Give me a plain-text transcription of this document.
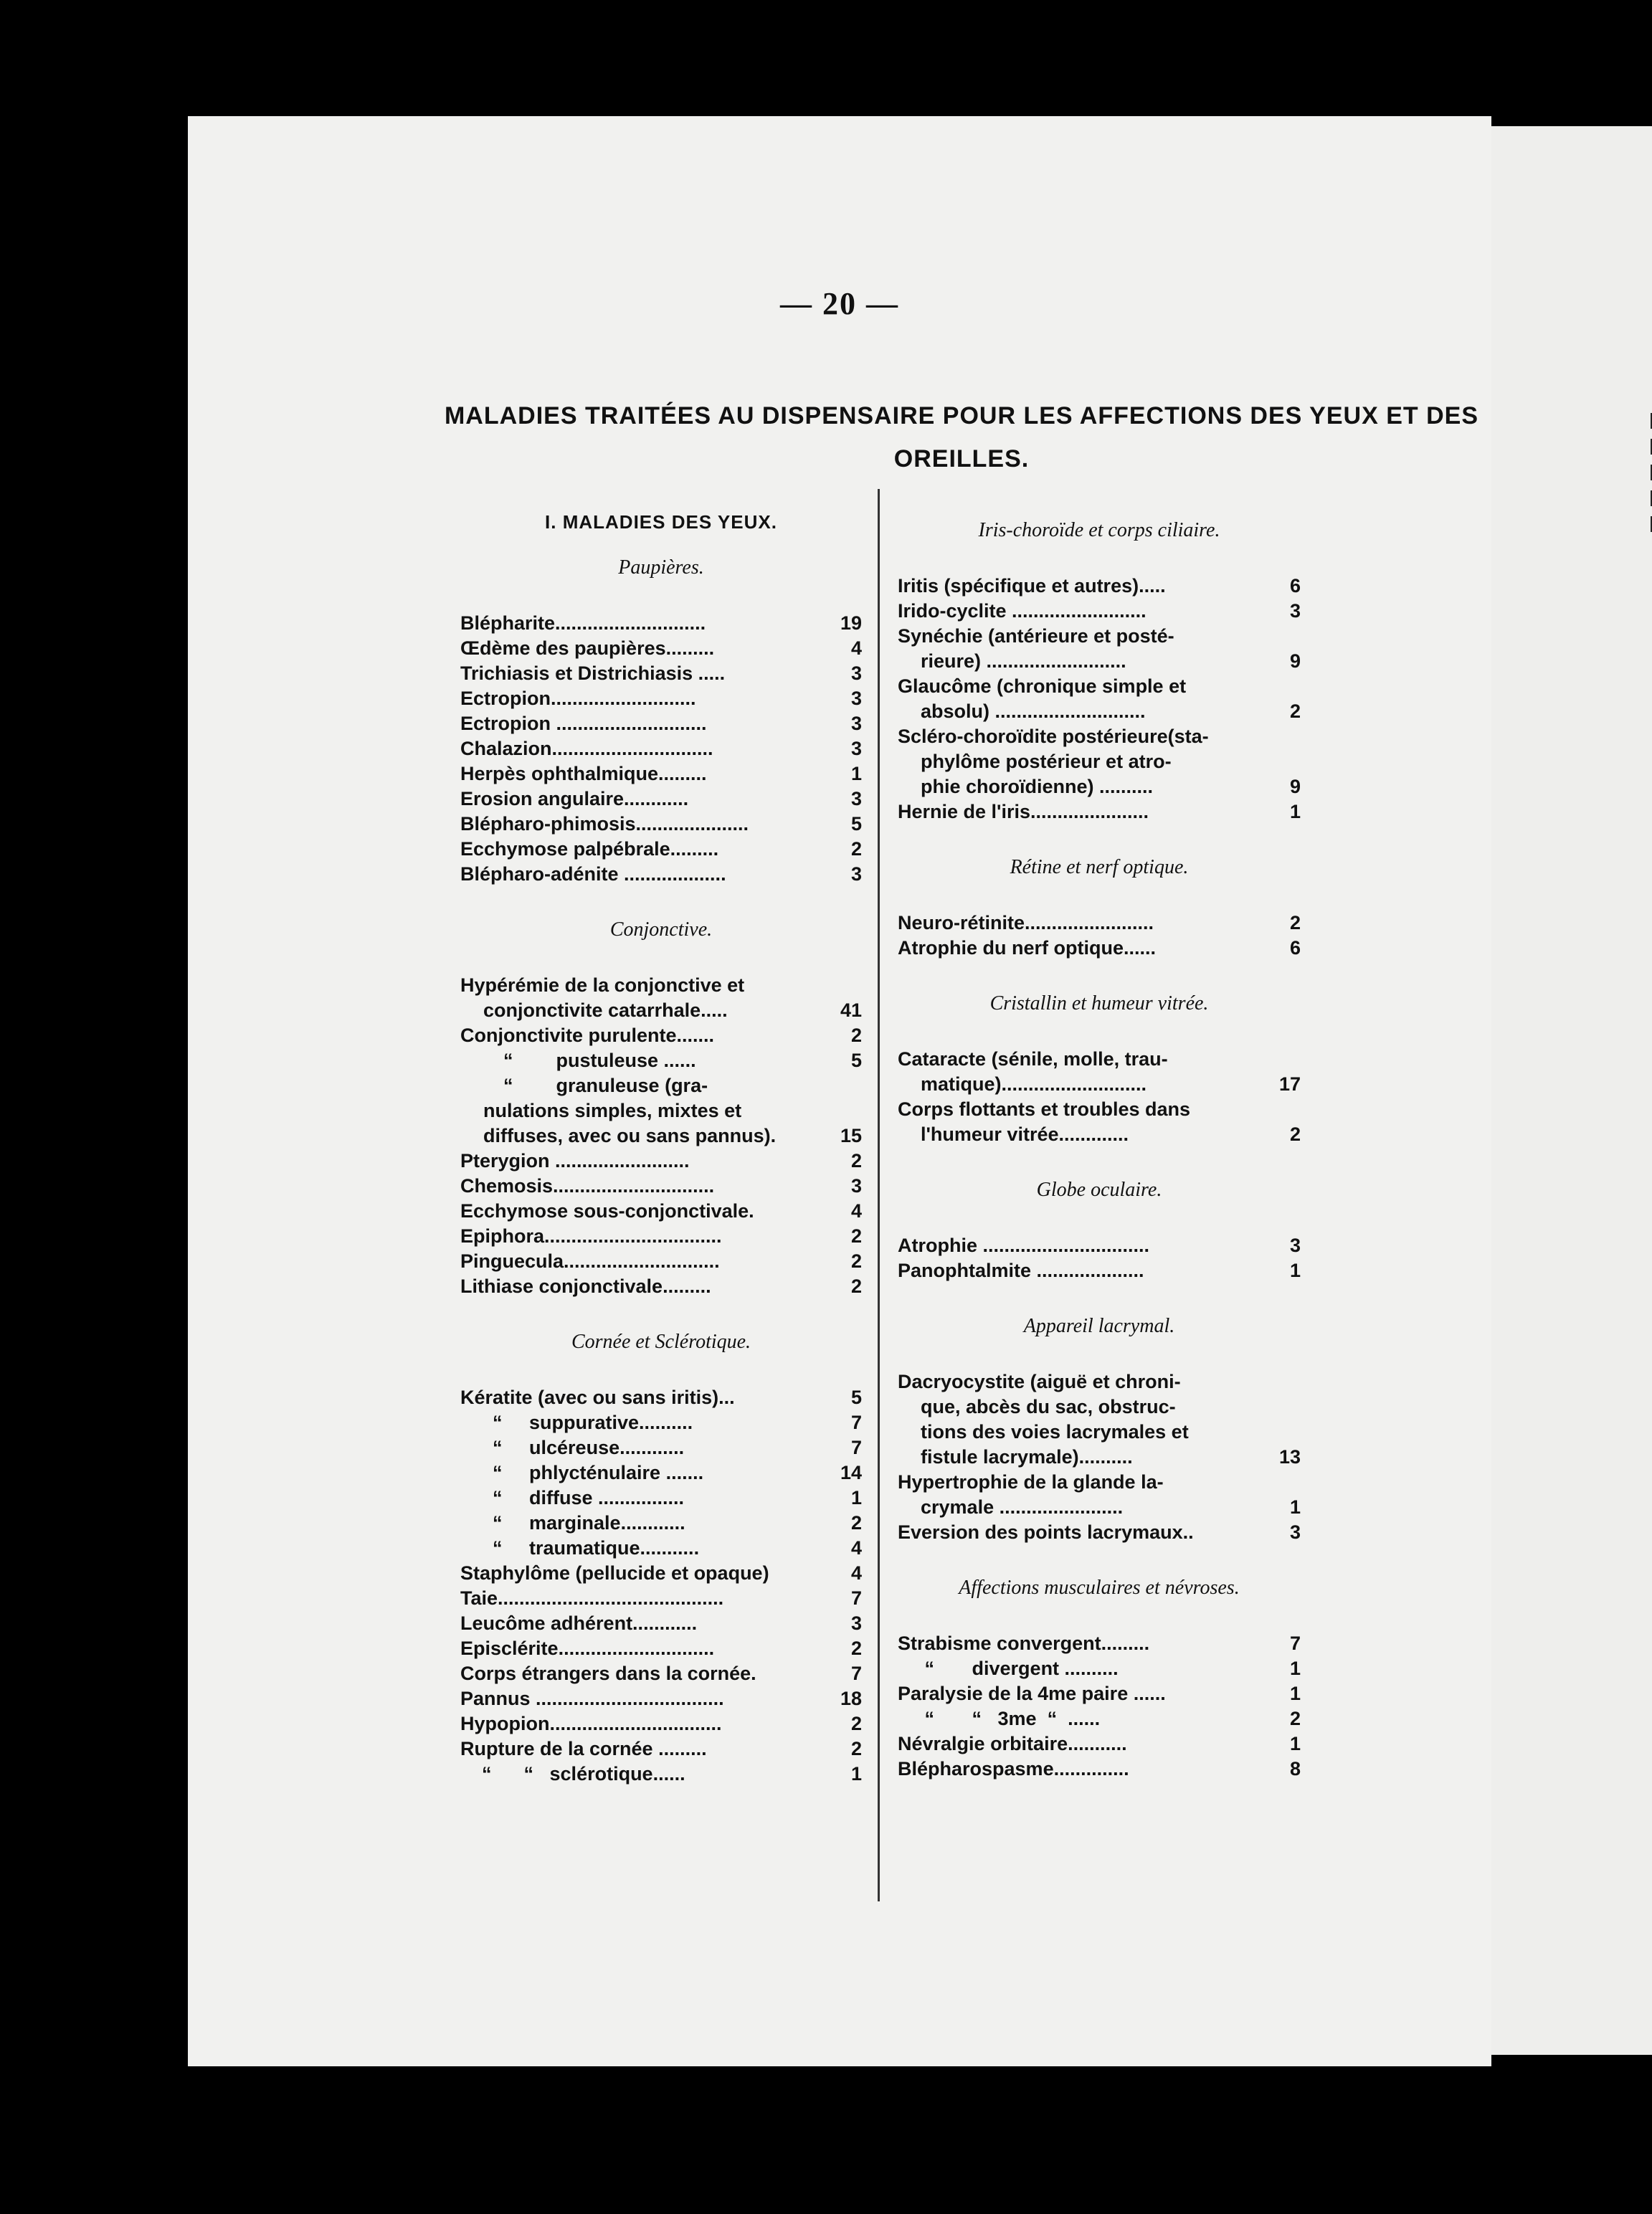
— 20 —
MALADIES TRAITÉES AU DISPENSAIRE POUR LES AFFECTIONS DES YEUX ET DES OREILLES.
I. MALADIES DES YEUX.
Paupières.
Blépharite............................	19
Œdème des paupières.........	4
Trichiasis et Districhiasis .....	3
Ectropion...........................	3
Ectropion ............................	3
Chalazion..............................	3
Herpès ophthalmique.........	1
Erosion angulaire............	3
Blépharo-phimosis.....................	5
Ecchymose palpébrale.........	2
Blépharo-adénite ...................	3
Conjonctive.
Hypérémie de la conjonctive et
conjonctivite catarrhale.....	41
Conjonctivite purulente.......	2
“        pustuleuse ......	5
“        granuleuse (gra-
nulations simples, mixtes et
diffuses, avec ou sans pannus).	15
Pterygion .........................	2
Chemosis..............................	3
Ecchymose sous-conjonctivale.	4
Epiphora.................................	2
Pinguecula.............................	2
Lithiase conjonctivale.........	2
Cornée et Sclérotique.
Kératite (avec ou sans iritis)...	5
“     suppurative..........	7
“     ulcéreuse............	7
“     phlycténulaire .......	14
“     diffuse ................	1
“     marginale............	2
“     traumatique...........	4
Staphylôme (pellucide et opaque)	4
Taie..........................................	7
Leucôme adhérent............	3
Episclérite.............................	2
Corps étrangers dans la cornée.	7
Pannus ...................................	18
Hypopion................................	2
Rupture de la cornée .........	2
“      “   sclérotique......	1
Iris-choroïde et corps ciliaire.
Iritis (spécifique et autres).....	6
Irido-cyclite .........................	3
Synéchie (antérieure et posté-
rieure) ..........................	9
Glaucôme (chronique simple et
absolu) ............................	2
Scléro-choroïdite postérieure(sta-
phylôme postérieur et atro-
phie choroïdienne) ..........	9
Hernie de l'iris......................	1
Rétine et nerf optique.
Neuro-rétinite........................	2
Atrophie du nerf optique......	6
Cristallin et humeur vitrée.
Cataracte (sénile, molle, trau-
matique)...........................	17
Corps flottants et troubles dans
l'humeur vitrée.............	2
Globe oculaire.
Atrophie ...............................	3
Panophtalmite ....................	1
Appareil lacrymal.
Dacryocystite (aiguë et chroni-
que, abcès du sac, obstruc-
tions des voies lacrymales et
fistule lacrymale)..........	13
Hypertrophie de la glande la-
crymale .......................	1
Eversion des points lacrymaux..	3
Affections musculaires et névroses.
Strabisme convergent.........	7
“       divergent ..........	1
Paralysie de la 4me paire ......	1
“       “   3me  “  ......	2
Névralgie orbitaire...........	1
Blépharospasme..............	8
